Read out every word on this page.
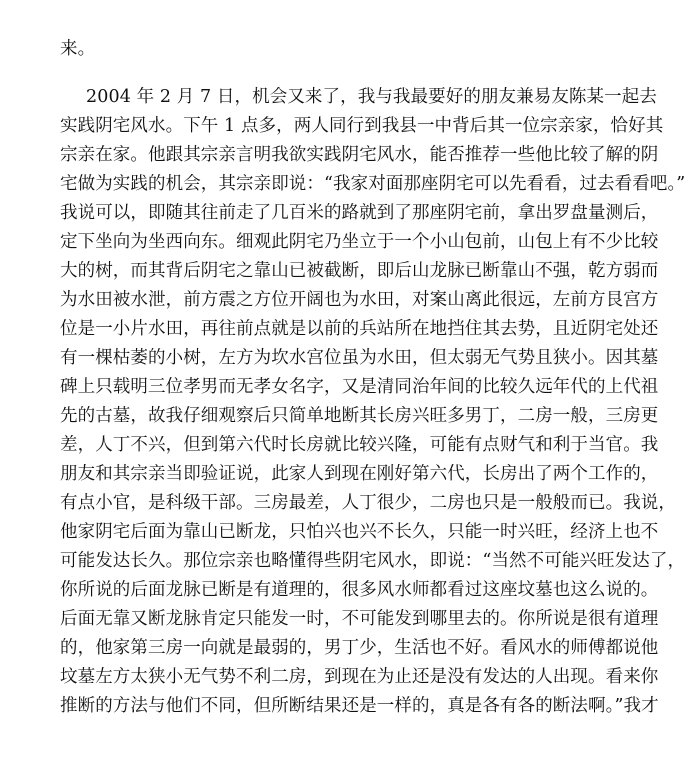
来。
2004 年 2 月 7 日，机会又来了，我与我最要好的朋友兼易友陈某一起去
实践阴宅风水。下午 1 点多，两人同行到我县一中背后其一位宗亲家，恰好其
宗亲在家。他跟其宗亲言明我欲实践阴宅风水，能否推荐一些他比较了解的阴
宅做为实践的机会，其宗亲即说：“我家对面那座阴宅可以先看看，过去看看吧。”
我说可以，即随其往前走了几百米的路就到了那座阴宅前，拿出罗盘量测后，
定下坐向为坐西向东。细观此阴宅乃坐立于一个小山包前，山包上有不少比较
大的树，而其背后阴宅之靠山已被截断，即后山龙脉已断靠山不强，乾方弱而
为水田被水泄，前方震之方位开阔也为水田，对案山离此很远，左前方艮宫方
位是一小片水田，再往前点就是以前的兵站所在地挡住其去势，且近阴宅处还
有一棵枯萎的小树，左方为坎水宫位虽为水田，但太弱无气势且狭小。因其墓
碑上只载明三位孝男而无孝女名字，又是清同治年间的比较久远年代的上代祖
先的古墓，故我仔细观察后只简单地断其长房兴旺多男丁，二房一般，三房更
差，人丁不兴，但到第六代时长房就比较兴隆，可能有点财气和利于当官。我
朋友和其宗亲当即验证说，此家人到现在刚好第六代，长房出了两个工作的，
有点小官，是科级干部。三房最差，人丁很少，二房也只是一般般而已。我说，
他家阴宅后面为靠山已断龙，只怕兴也兴不长久，只能一时兴旺，经济上也不
可能发达长久。那位宗亲也略懂得些阴宅风水，即说：“当然不可能兴旺发达了，
你所说的后面龙脉已断是有道理的，很多风水师都看过这座坟墓也这么说的。
后面无靠又断龙脉肯定只能发一时，不可能发到哪里去的。你所说是很有道理
的，他家第三房一向就是最弱的，男丁少，生活也不好。看风水的师傅都说他
坟墓左方太狭小无气势不利二房，到现在为止还是没有发达的人出现。看来你
推断的方法与他们不同，但所断结果还是一样的，真是各有各的断法啊。”我才
